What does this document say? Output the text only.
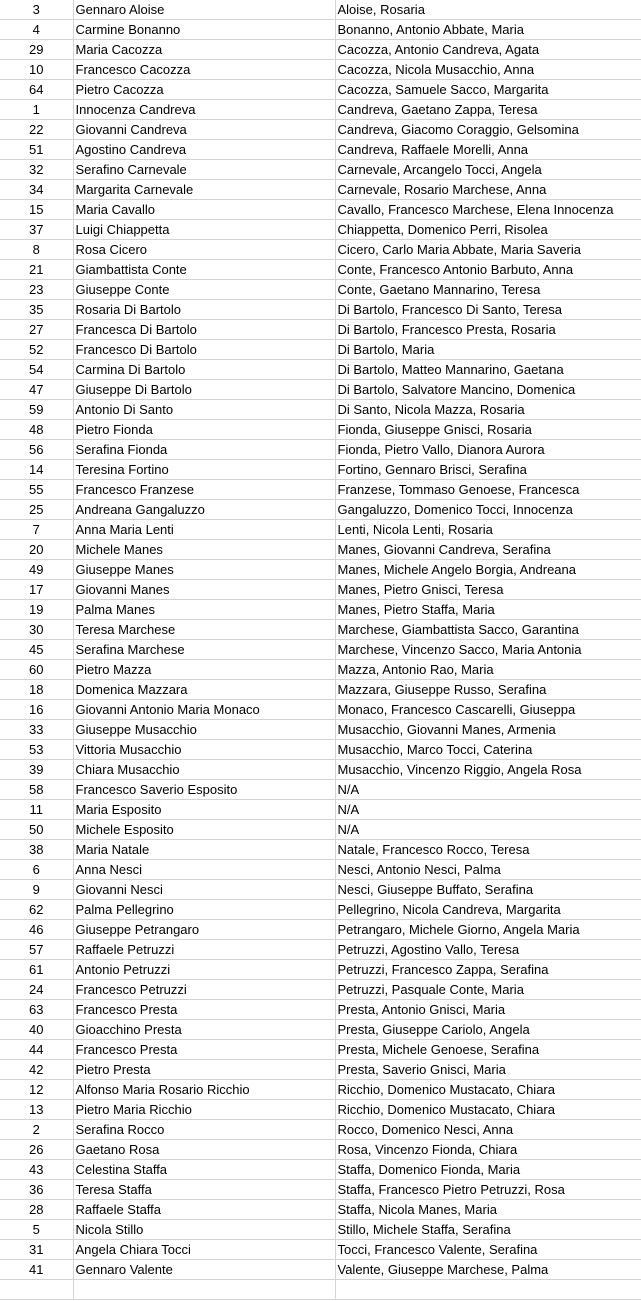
3	Gennaro Aloise	Aloise, Rosaria
4	Carmine Bonanno	Bonanno, Antonio Abbate, Maria
29	Maria Cacozza	Cacozza, Antonio Candreva, Agata
10	Francesco Cacozza	Cacozza, Nicola Musacchio, Anna
64	Pietro Cacozza	Cacozza, Samuele Sacco, Margarita
1	Innocenza Candreva	Candreva, Gaetano Zappa, Teresa
22	Giovanni Candreva	Candreva, Giacomo Coraggio, Gelsomina
51	Agostino Candreva	Candreva, Raffaele Morelli, Anna
32	Serafino Carnevale	Carnevale, Arcangelo Tocci, Angela
34	Margarita Carnevale	Carnevale, Rosario Marchese, Anna
15	Maria Cavallo	Cavallo, Francesco Marchese, Elena Innocenza
37	Luigi Chiappetta	Chiappetta, Domenico Perri, Risolea
8	Rosa Cicero	Cicero, Carlo Maria Abbate, Maria Saveria
21	Giambattista Conte	Conte, Francesco Antonio Barbuto, Anna
23	Giuseppe Conte	Conte, Gaetano Mannarino, Teresa
35	Rosaria Di Bartolo	Di Bartolo, Francesco Di Santo, Teresa
27	Francesca Di Bartolo	Di Bartolo, Francesco Presta, Rosaria
52	Francesco Di Bartolo	Di Bartolo, Maria
54	Carmina Di Bartolo	Di Bartolo, Matteo Mannarino, Gaetana
47	Giuseppe Di Bartolo	Di Bartolo, Salvatore Mancino, Domenica
59	Antonio Di Santo	Di Santo, Nicola Mazza, Rosaria
48	Pietro Fionda	Fionda, Giuseppe Gnisci, Rosaria
56	Serafina Fionda	Fionda, Pietro Vallo, Dianora Aurora
14	Teresina Fortino	Fortino, Gennaro Brisci, Serafina
55	Francesco Franzese	Franzese, Tommaso Genoese, Francesca
25	Andreana Gangaluzzo	Gangaluzzo, Domenico Tocci, Innocenza
7	Anna Maria Lenti	Lenti, Nicola Lenti, Rosaria
20	Michele Manes	Manes, Giovanni Candreva, Serafina
49	Giuseppe Manes	Manes, Michele Angelo Borgia, Andreana
17	Giovanni Manes	Manes, Pietro Gnisci, Teresa
19	Palma Manes	Manes, Pietro Staffa, Maria
30	Teresa Marchese	Marchese, Giambattista Sacco, Garantina
45	Serafina Marchese	Marchese, Vincenzo Sacco, Maria Antonia
60	Pietro Mazza	Mazza, Antonio Rao, Maria
18	Domenica Mazzara	Mazzara, Giuseppe Russo, Serafina
16	Giovanni Antonio Maria Monaco	Monaco, Francesco Cascarelli, Giuseppa
33	Giuseppe Musacchio	Musacchio, Giovanni Manes, Armenia
53	Vittoria Musacchio	Musacchio, Marco Tocci, Caterina
39	Chiara Musacchio	Musacchio, Vincenzo Riggio, Angela Rosa
58	Francesco Saverio Esposito	N/A
11	Maria Esposito	N/A
50	Michele Esposito	N/A
38	Maria Natale	Natale, Francesco Rocco, Teresa
6	Anna Nesci	Nesci, Antonio Nesci, Palma
9	Giovanni Nesci	Nesci, Giuseppe Buffato, Serafina
62	Palma Pellegrino	Pellegrino, Nicola Candreva, Margarita
46	Giuseppe Petrangaro	Petrangaro, Michele Giorno, Angela Maria
57	Raffaele Petruzzi	Petruzzi, Agostino Vallo, Teresa
61	Antonio Petruzzi	Petruzzi, Francesco Zappa, Serafina
24	Francesco Petruzzi	Petruzzi, Pasquale Conte, Maria
63	Francesco Presta	Presta, Antonio Gnisci, Maria
40	Gioacchino Presta	Presta, Giuseppe Cariolo, Angela
44	Francesco Presta	Presta, Michele Genoese, Serafina
42	Pietro Presta	Presta, Saverio Gnisci, Maria
12	Alfonso Maria Rosario Ricchio	Ricchio, Domenico Mustacato, Chiara
13	Pietro Maria Ricchio	Ricchio, Domenico Mustacato, Chiara
2	Serafina Rocco	Rocco, Domenico Nesci, Anna
26	Gaetano Rosa	Rosa, Vincenzo Fionda, Chiara
43	Celestina Staffa	Staffa, Domenico Fionda, Maria
36	Teresa Staffa	Staffa, Francesco Pietro Petruzzi, Rosa
28	Raffaele Staffa	Staffa, Nicola Manes, Maria
5	Nicola Stillo	Stillo, Michele Staffa, Serafina
31	Angela Chiara Tocci	Tocci, Francesco Valente, Serafina
41	Gennaro Valente	Valente, Giuseppe Marchese, Palma
